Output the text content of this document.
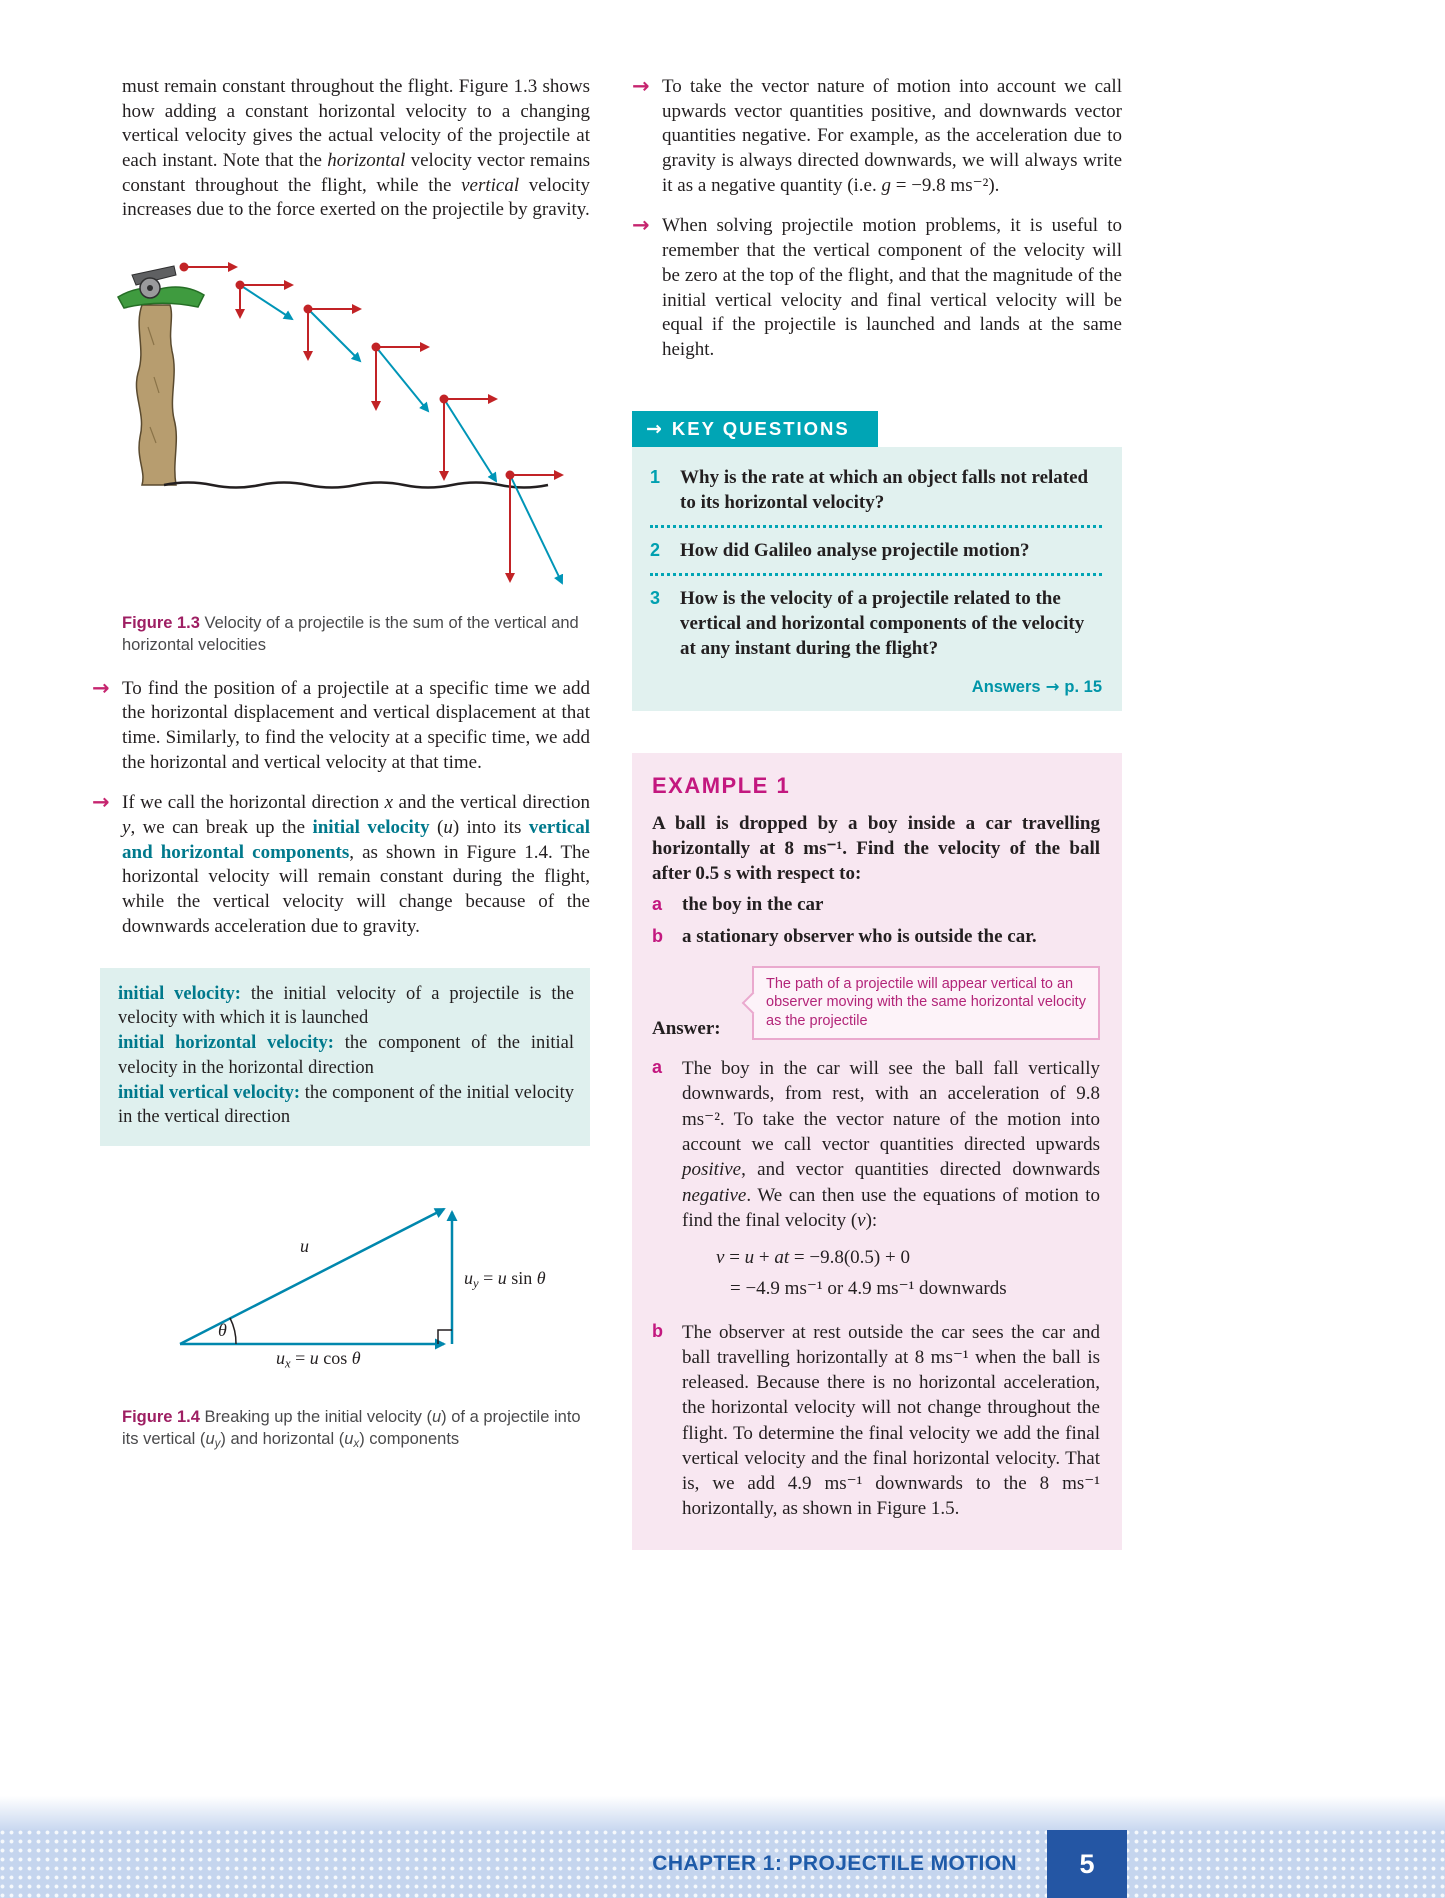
must remain constant throughout the flight. Figure 1.3 shows how adding a constant horizontal velocity to a changing vertical velocity gives the actual velocity of the projectile at each instant. Note that the horizontal velocity vector remains constant throughout the flight, while the vertical velocity increases due to the force exerted on the projectile by gravity.

Figure 1.3 Velocity of a projectile is the sum of the vertical and horizontal velocities

→ To find the position of a projectile at a specific time we add the horizontal displacement and vertical displacement at that time. Similarly, to find the velocity at a specific time, we add the horizontal and vertical velocity at that time.

→ If we call the horizontal direction x and the vertical direction y, we can break up the initial velocity (u) into its vertical and horizontal components, as shown in Figure 1.4. The horizontal velocity will remain constant during the flight, while the vertical velocity will change because of the downwards acceleration due to gravity.

initial velocity: the initial velocity of a projectile is the velocity with which it is launched

initial horizontal velocity: the component of the initial velocity in the horizontal direction

initial vertical velocity: the component of the initial velocity in the vertical direction

u
uy = u sin θ
θ
ux = u cos θ

Figure 1.4 Breaking up the initial velocity (u) of a projectile into its vertical (uy) and horizontal (ux) components

→ To take the vector nature of motion into account we call upwards vector quantities positive, and downwards vector quantities negative. For example, as the acceleration due to gravity is always directed downwards, we will always write it as a negative quantity (i.e. g = −9.8 ms⁻²).

→ When solving projectile motion problems, it is useful to remember that the vertical component of the velocity will be zero at the top of the flight, and that the magnitude of the initial vertical velocity and final vertical velocity will be equal if the projectile is launched and lands at the same height.

→ KEY QUESTIONS
1	Why is the rate at which an object falls not related to its horizontal velocity?

2	How did Galileo analyse projectile motion?

3	How is the velocity of a projectile related to the vertical and horizontal components of the velocity at any instant during the flight?

Answers → p. 15

EXAMPLE 1

A ball is dropped by a boy inside a car travelling horizontally at 8 ms⁻¹. Find the velocity of the ball after 0.5 s with respect to:

a	the boy in the car

b	a stationary observer who is outside the car.

Answer:

The path of a projectile will appear vertical to an observer moving with the same horizontal velocity as the projectile

a	The boy in the car will see the ball fall vertically downwards, from rest, with an acceleration of 9.8 ms⁻². To take the vector nature of the motion into account we call vector quantities directed upwards positive, and vector quantities directed downwards negative. We can then use the equations of motion to find the final velocity (v):

v = u + at = −9.8(0.5) + 0

= −4.9 ms⁻¹ or 4.9 ms⁻¹ downwards

b	The observer at rest outside the car sees the car and ball travelling horizontally at 8 ms⁻¹ when the ball is released. Because there is no horizontal acceleration, the horizontal velocity will not change throughout the flight. To determine the final velocity we add the final vertical velocity and the final horizontal velocity. That is, we add 4.9 ms⁻¹ downwards to the 8 ms⁻¹ horizontally, as shown in Figure 1.5.

CHAPTER 1: PROJECTILE MOTION 5
